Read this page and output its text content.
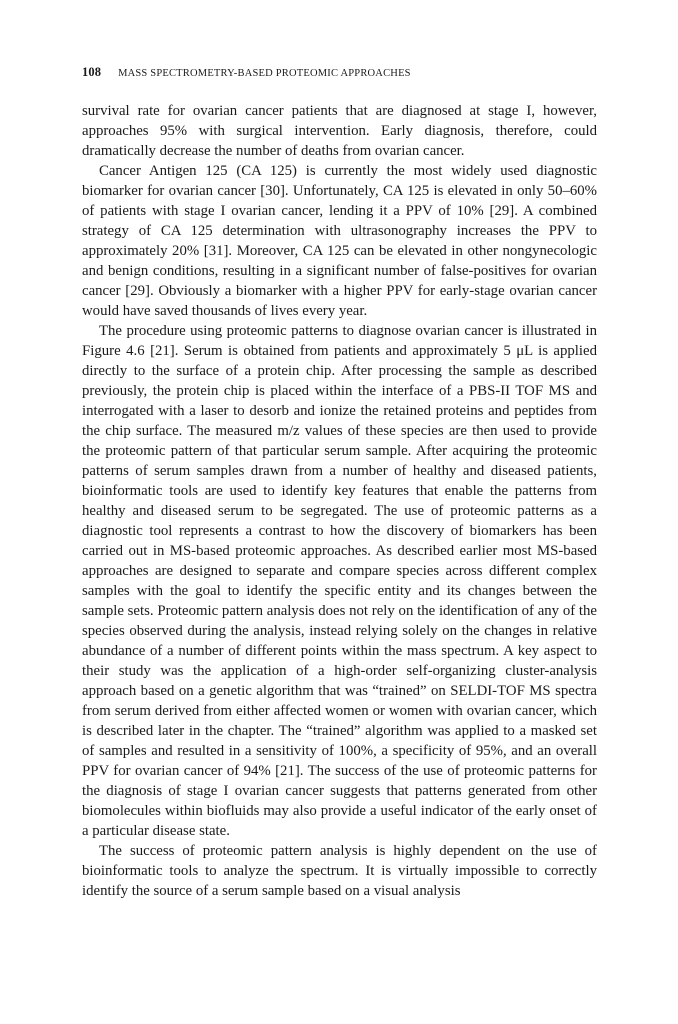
108 MASS SPECTROMETRY-BASED PROTEOMIC APPROACHES

survival rate for ovarian cancer patients that are diagnosed at stage I, however, approaches 95% with surgical intervention. Early diagnosis, therefore, could dramatically decrease the number of deaths from ovarian cancer.

Cancer Antigen 125 (CA 125) is currently the most widely used diagnostic biomarker for ovarian cancer [30]. Unfortunately, CA 125 is elevated in only 50–60% of patients with stage I ovarian cancer, lending it a PPV of 10% [29]. A combined strategy of CA 125 determination with ultrasonography increases the PPV to approximately 20% [31]. Moreover, CA 125 can be elevated in other nongynecologic and benign conditions, resulting in a significant number of false-positives for ovarian cancer [29]. Obviously a biomarker with a higher PPV for early-stage ovarian cancer would have saved thousands of lives every year.

The procedure using proteomic patterns to diagnose ovarian cancer is illustrated in Figure 4.6 [21]. Serum is obtained from patients and approximately 5 μL is applied directly to the surface of a protein chip. After processing the sample as described previously, the protein chip is placed within the interface of a PBS-II TOF MS and interrogated with a laser to desorb and ionize the retained proteins and peptides from the chip surface. The measured m/z values of these species are then used to provide the proteomic pattern of that particular serum sample. After acquiring the proteomic patterns of serum samples drawn from a number of healthy and diseased patients, bioinformatic tools are used to identify key features that enable the patterns from healthy and diseased serum to be segregated. The use of proteomic patterns as a diagnostic tool represents a contrast to how the discovery of biomarkers has been carried out in MS-based proteomic approaches. As described earlier most MS-based approaches are designed to separate and compare species across different complex samples with the goal to identify the specific entity and its changes between the sample sets. Proteomic pattern analysis does not rely on the identification of any of the species observed during the analysis, instead relying solely on the changes in relative abundance of a number of different points within the mass spectrum. A key aspect to their study was the application of a high-order self-organizing cluster-analysis approach based on a genetic algorithm that was “trained” on SELDI-TOF MS spectra from serum derived from either affected women or women with ovarian cancer, which is described later in the chapter. The “trained” algorithm was applied to a masked set of samples and resulted in a sensitivity of 100%, a specificity of 95%, and an overall PPV for ovarian cancer of 94% [21]. The success of the use of proteomic patterns for the diagnosis of stage I ovarian cancer suggests that patterns generated from other biomolecules within biofluids may also provide a useful indicator of the early onset of a particular disease state.

The success of proteomic pattern analysis is highly dependent on the use of bioinformatic tools to analyze the spectrum. It is virtually impossible to correctly identify the source of a serum sample based on a visual analysis
